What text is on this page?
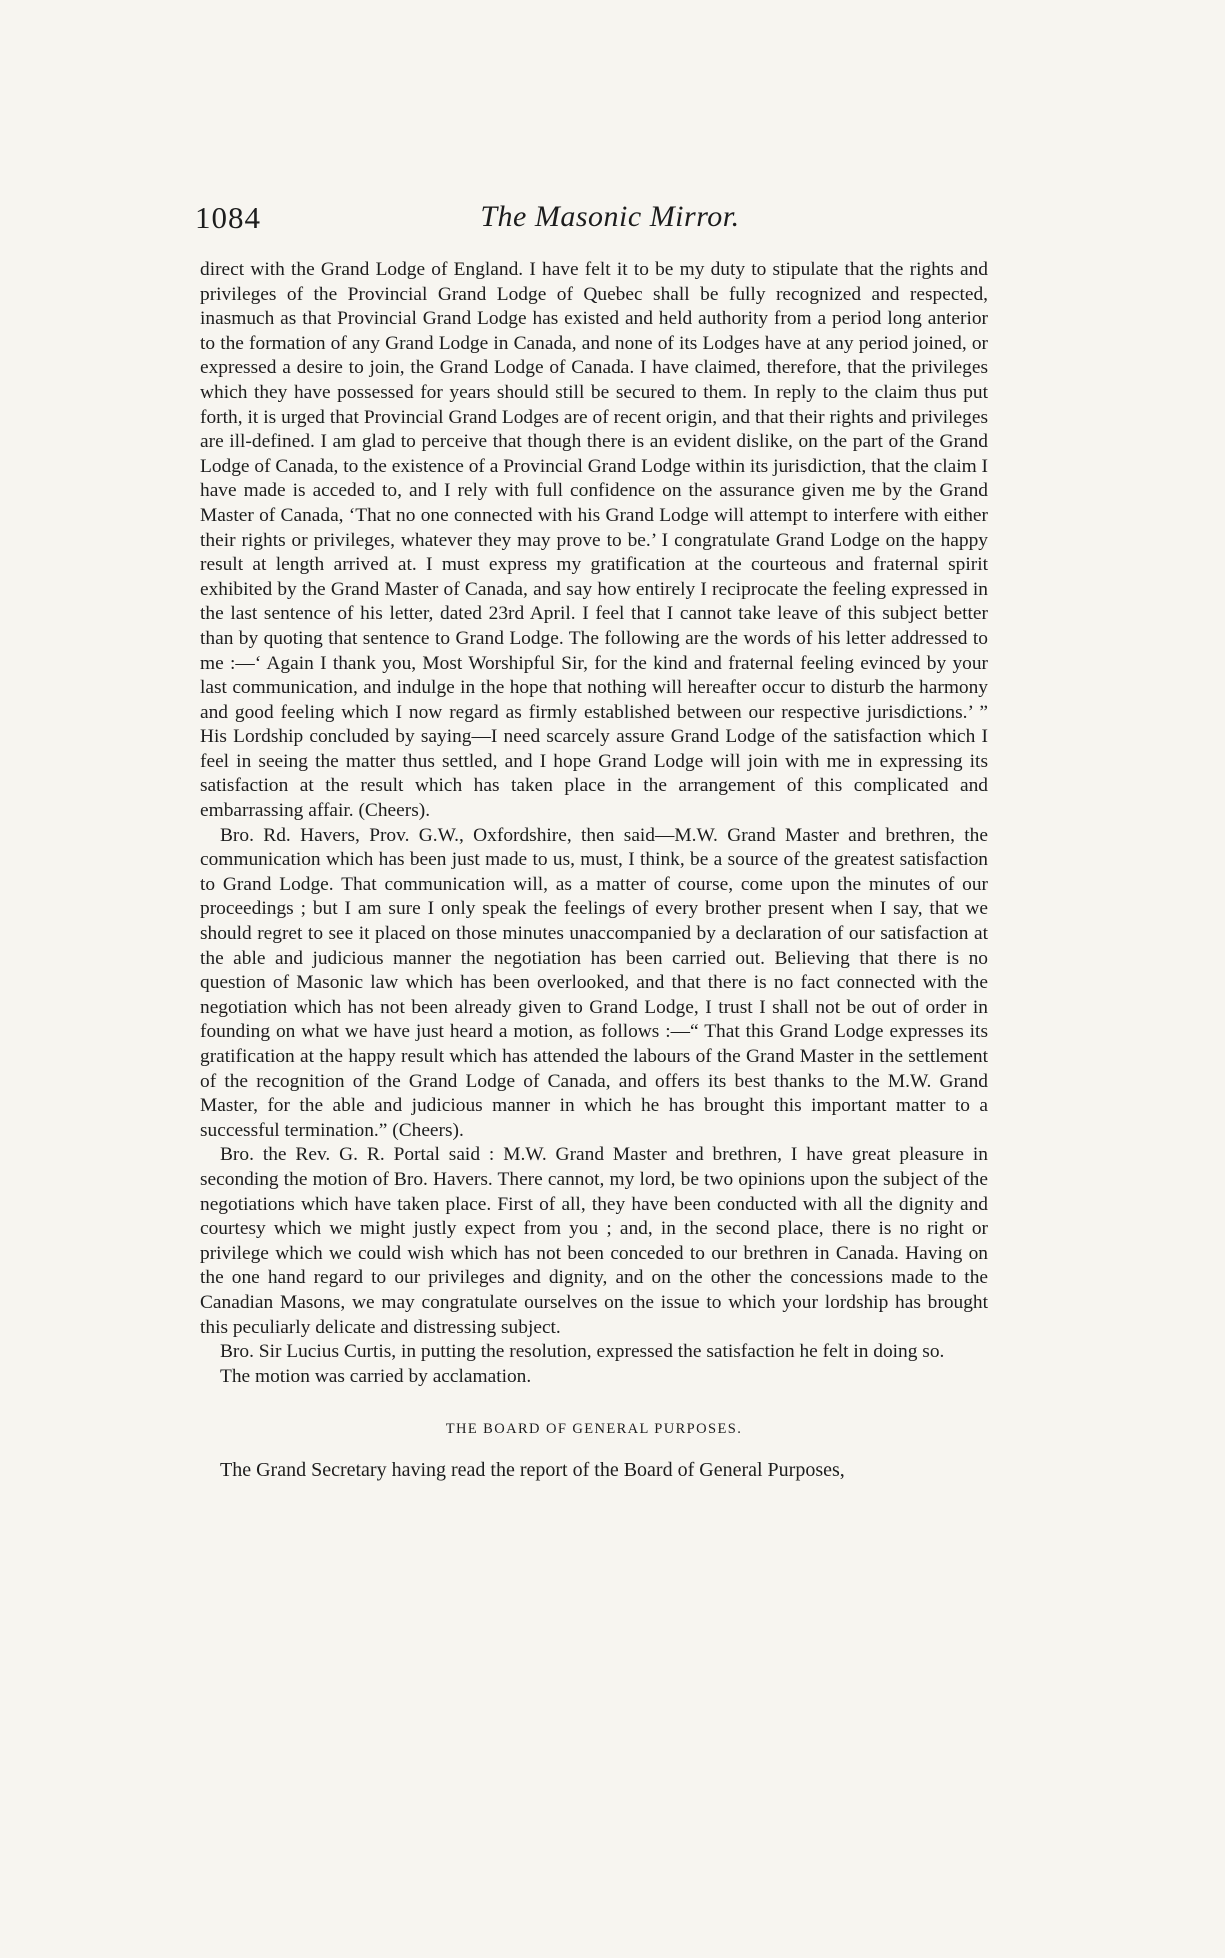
1084	The Masonic Mirror.

direct with the Grand Lodge of England. I have felt it to be my duty to stipulate that the rights and privileges of the Provincial Grand Lodge of Quebec shall be fully recognized and respected, inasmuch as that Provincial Grand Lodge has existed and held authority from a period long anterior to the formation of any Grand Lodge in Canada, and none of its Lodges have at any period joined, or expressed a desire to join, the Grand Lodge of Canada. I have claimed, therefore, that the privileges which they have possessed for years should still be secured to them. In reply to the claim thus put forth, it is urged that Provincial Grand Lodges are of recent origin, and that their rights and privileges are ill-defined. I am glad to perceive that though there is an evident dislike, on the part of the Grand Lodge of Canada, to the existence of a Provincial Grand Lodge within its jurisdiction, that the claim I have made is acceded to, and I rely with full confidence on the assurance given me by the Grand Master of Canada, ‘That no one connected with his Grand Lodge will attempt to interfere with either their rights or privileges, whatever they may prove to be.’ I congratulate Grand Lodge on the happy result at length arrived at. I must express my gratification at the courteous and fraternal spirit exhibited by the Grand Master of Canada, and say how entirely I reciprocate the feeling expressed in the last sentence of his letter, dated 23rd April. I feel that I cannot take leave of this subject better than by quoting that sentence to Grand Lodge. The following are the words of his letter addressed to me :—‘ Again I thank you, Most Worshipful Sir, for the kind and fraternal feeling evinced by your last communication, and indulge in the hope that nothing will hereafter occur to disturb the harmony and good feeling which I now regard as firmly established between our respective jurisdictions.’ ” His Lordship concluded by saying—I need scarcely assure Grand Lodge of the satisfaction which I feel in seeing the matter thus settled, and I hope Grand Lodge will join with me in expressing its satisfaction at the result which has taken place in the arrangement of this complicated and embarrassing affair. (Cheers).

Bro. Rd. Havers, Prov. G.W., Oxfordshire, then said—M.W. Grand Master and brethren, the communication which has been just made to us, must, I think, be a source of the greatest satisfaction to Grand Lodge. That communication will, as a matter of course, come upon the minutes of our proceedings ; but I am sure I only speak the feelings of every brother present when I say, that we should regret to see it placed on those minutes unaccompanied by a declaration of our satisfaction at the able and judicious manner the negotiation has been carried out. Believing that there is no question of Masonic law which has been overlooked, and that there is no fact connected with the negotiation which has not been already given to Grand Lodge, I trust I shall not be out of order in founding on what we have just heard a motion, as follows :—“ That this Grand Lodge expresses its gratification at the happy result which has attended the labours of the Grand Master in the settlement of the recognition of the Grand Lodge of Canada, and offers its best thanks to the M.W. Grand Master, for the able and judicious manner in which he has brought this important matter to a successful termination.” (Cheers).

Bro. the Rev. G. R. Portal said : M.W. Grand Master and brethren, I have great pleasure in seconding the motion of Bro. Havers. There cannot, my lord, be two opinions upon the subject of the negotiations which have taken place. First of all, they have been conducted with all the dignity and courtesy which we might justly expect from you ; and, in the second place, there is no right or privilege which we could wish which has not been conceded to our brethren in Canada. Having on the one hand regard to our privileges and dignity, and on the other the concessions made to the Canadian Masons, we may congratulate ourselves on the issue to which your lordship has brought this peculiarly delicate and distressing subject.

Bro. Sir Lucius Curtis, in putting the resolution, expressed the satisfaction he felt in doing so.

The motion was carried by acclamation.

THE BOARD OF GENERAL PURPOSES.

The Grand Secretary having read the report of the Board of General Purposes,
